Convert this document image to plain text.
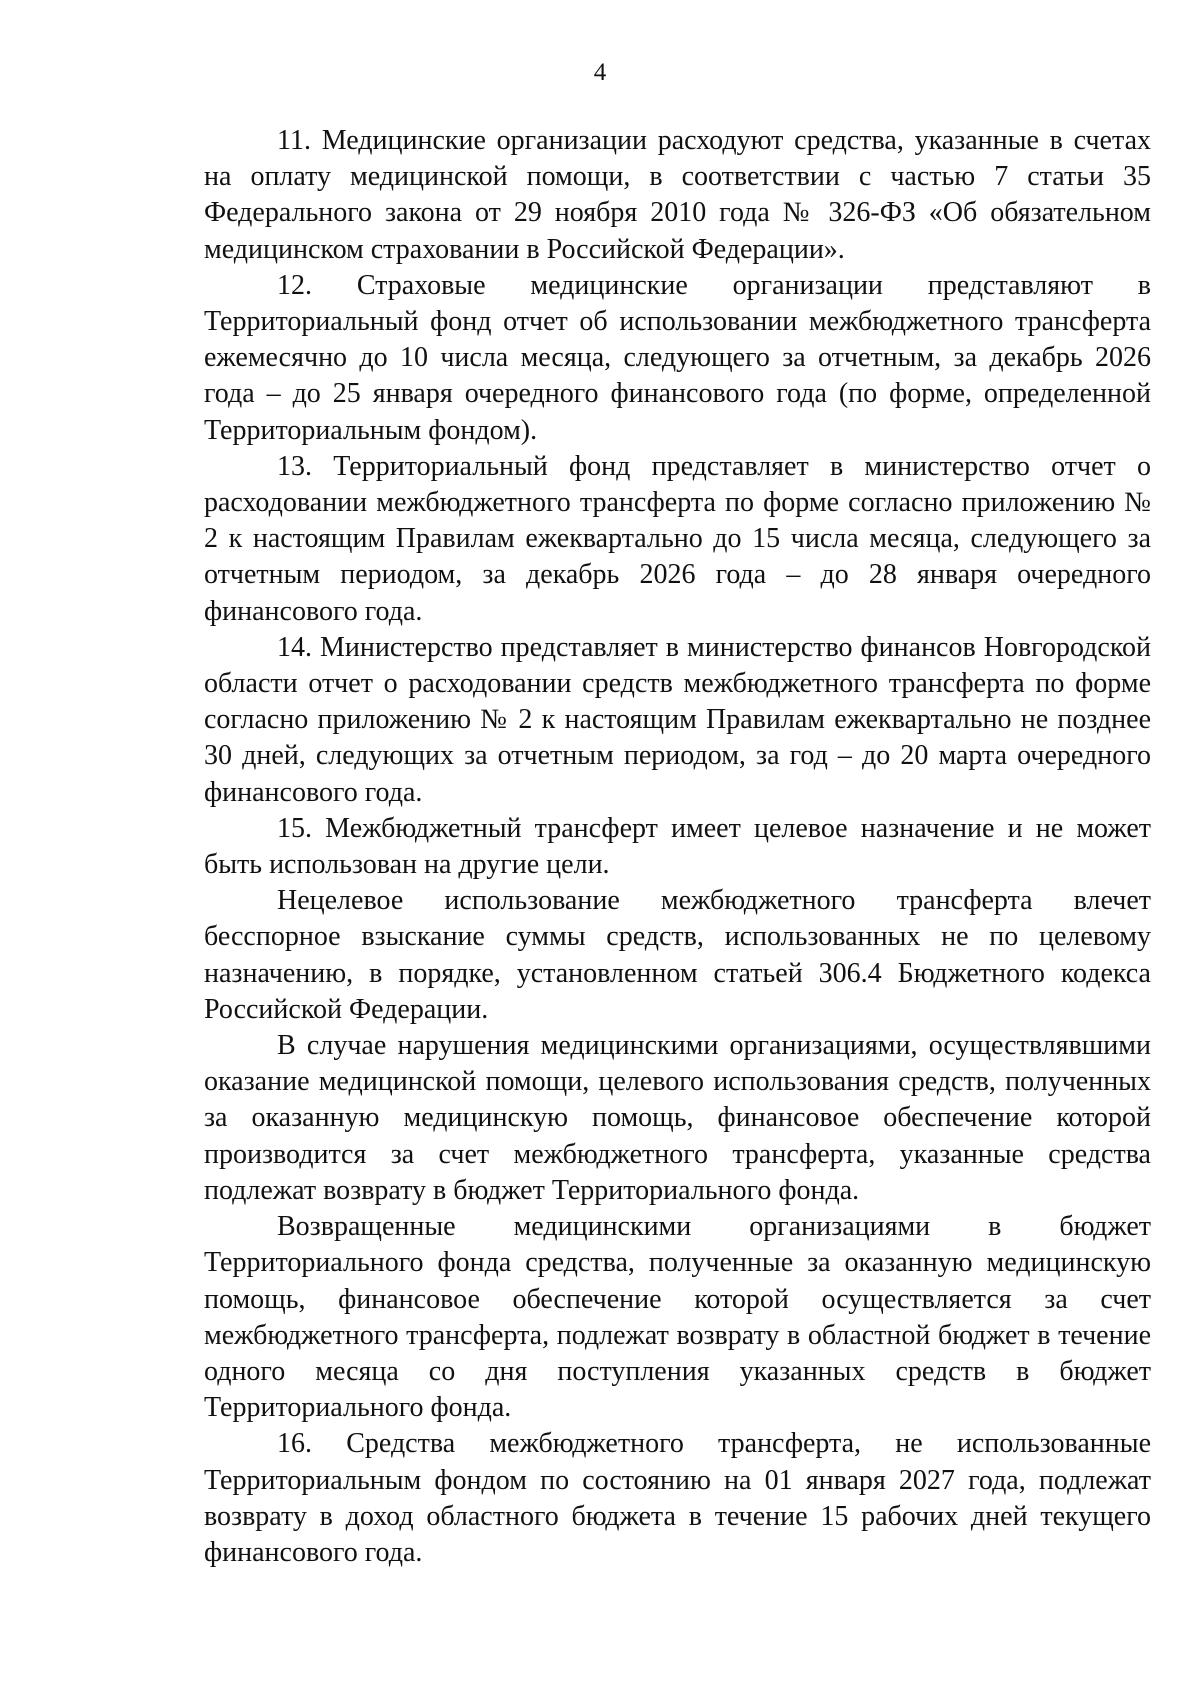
4

11. Медицинские организации расходуют средства, указанные в счетах на оплату медицинской помощи, в соответствии с частью 7 статьи 35 Федерального закона от 29 ноября 2010 года № 326-ФЗ «Об обязательном медицинском страховании в Российской Федерации».

12. Страховые медицинские организации представляют в Территориальный фонд отчет об использовании межбюджетного трансферта ежемесячно до 10 числа месяца, следующего за отчетным, за декабрь 2026 года – до 25 января очередного финансового года (по форме, определенной Территориальным фондом).

13. Территориальный фонд представляет в министерство отчет о расходовании межбюджетного трансферта по форме согласно приложению № 2 к настоящим Правилам ежеквартально до 15 числа месяца, следующего за отчетным периодом, за декабрь 2026 года – до 28 января очередного финансового года.

14. Министерство представляет в министерство финансов Новгородской области отчет о расходовании средств межбюджетного трансферта по форме согласно приложению № 2 к настоящим Правилам ежеквартально не позднее 30 дней, следующих за отчетным периодом, за год – до 20 марта очередного финансового года.

15. Межбюджетный трансферт имеет целевое назначение и не может быть использован на другие цели.

Нецелевое использование межбюджетного трансферта влечет бесспорное взыскание суммы средств, использованных не по целевому назначению, в порядке, установленном статьей 306.4 Бюджетного кодекса Российской Федерации.

В случае нарушения медицинскими организациями, осуществлявшими оказание медицинской помощи, целевого использования средств, полученных за оказанную медицинскую помощь, финансовое обеспечение которой производится за счет межбюджетного трансферта, указанные средства подлежат возврату в бюджет Территориального фонда.

Возвращенные медицинскими организациями в бюджет Территориального фонда средства, полученные за оказанную медицинскую помощь, финансовое обеспечение которой осуществляется за счет межбюджетного трансферта, подлежат возврату в областной бюджет в течение одного месяца со дня поступления указанных средств в бюджет Территориального фонда.

16. Средства межбюджетного трансферта, не использованные Территориальным фондом по состоянию на 01 января 2027 года, подлежат возврату в доход областного бюджета в течение 15 рабочих дней текущего финансового года.
